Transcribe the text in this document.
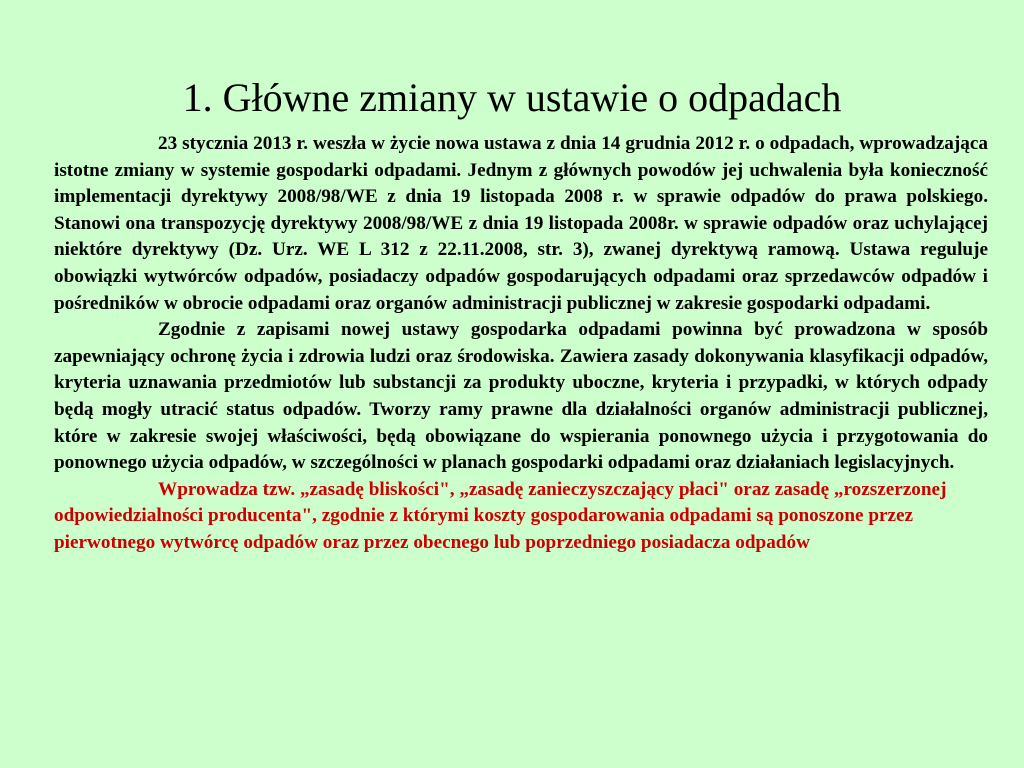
1. Główne zmiany w ustawie o odpadach

23 stycznia 2013 r. weszła w życie nowa ustawa z dnia 14 grudnia 2012 r. o odpadach, wprowadzająca istotne zmiany w systemie gospodarki odpadami. Jednym z głównych powodów jej uchwalenia była konieczność implementacji dyrektywy 2008/98/WE z dnia 19 listopada 2008 r. w sprawie odpadów do prawa polskiego. Stanowi ona transpozycję dyrektywy 2008/98/WE z dnia 19 listopada 2008r. w sprawie odpadów oraz uchylającej niektóre dyrektywy (Dz. Urz. WE L 312 z 22.11.2008, str. 3), zwanej dyrektywą ramową. Ustawa reguluje obowiązki wytwórców odpadów, posiadaczy odpadów gospodarujących odpadami oraz sprzedawców odpadów i pośredników w obrocie odpadami oraz organów administracji publicznej w zakresie gospodarki odpadami.

Zgodnie z zapisami nowej ustawy gospodarka odpadami powinna być prowadzona w sposób zapewniający ochronę życia i zdrowia ludzi oraz środowiska. Zawiera zasady dokonywania klasyfikacji odpadów, kryteria uznawania przedmiotów lub substancji za produkty uboczne, kryteria i przypadki, w których odpady będą mogły utracić status odpadów. Tworzy ramy prawne dla działalności organów administracji publicznej, które w zakresie swojej właściwości, będą obowiązane do wspierania ponownego użycia i przygotowania do ponownego użycia odpadów, w szczególności w planach gospodarki odpadami oraz działaniach legislacyjnych.

Wprowadza tzw. „zasadę bliskości", „zasadę zanieczyszczający płaci" oraz zasadę „rozszerzonej odpowiedzialności producenta", zgodnie z którymi koszty gospodarowania odpadami są ponoszone przez pierwotnego wytwórcę odpadów oraz przez obecnego lub poprzedniego posiadacza odpadów
